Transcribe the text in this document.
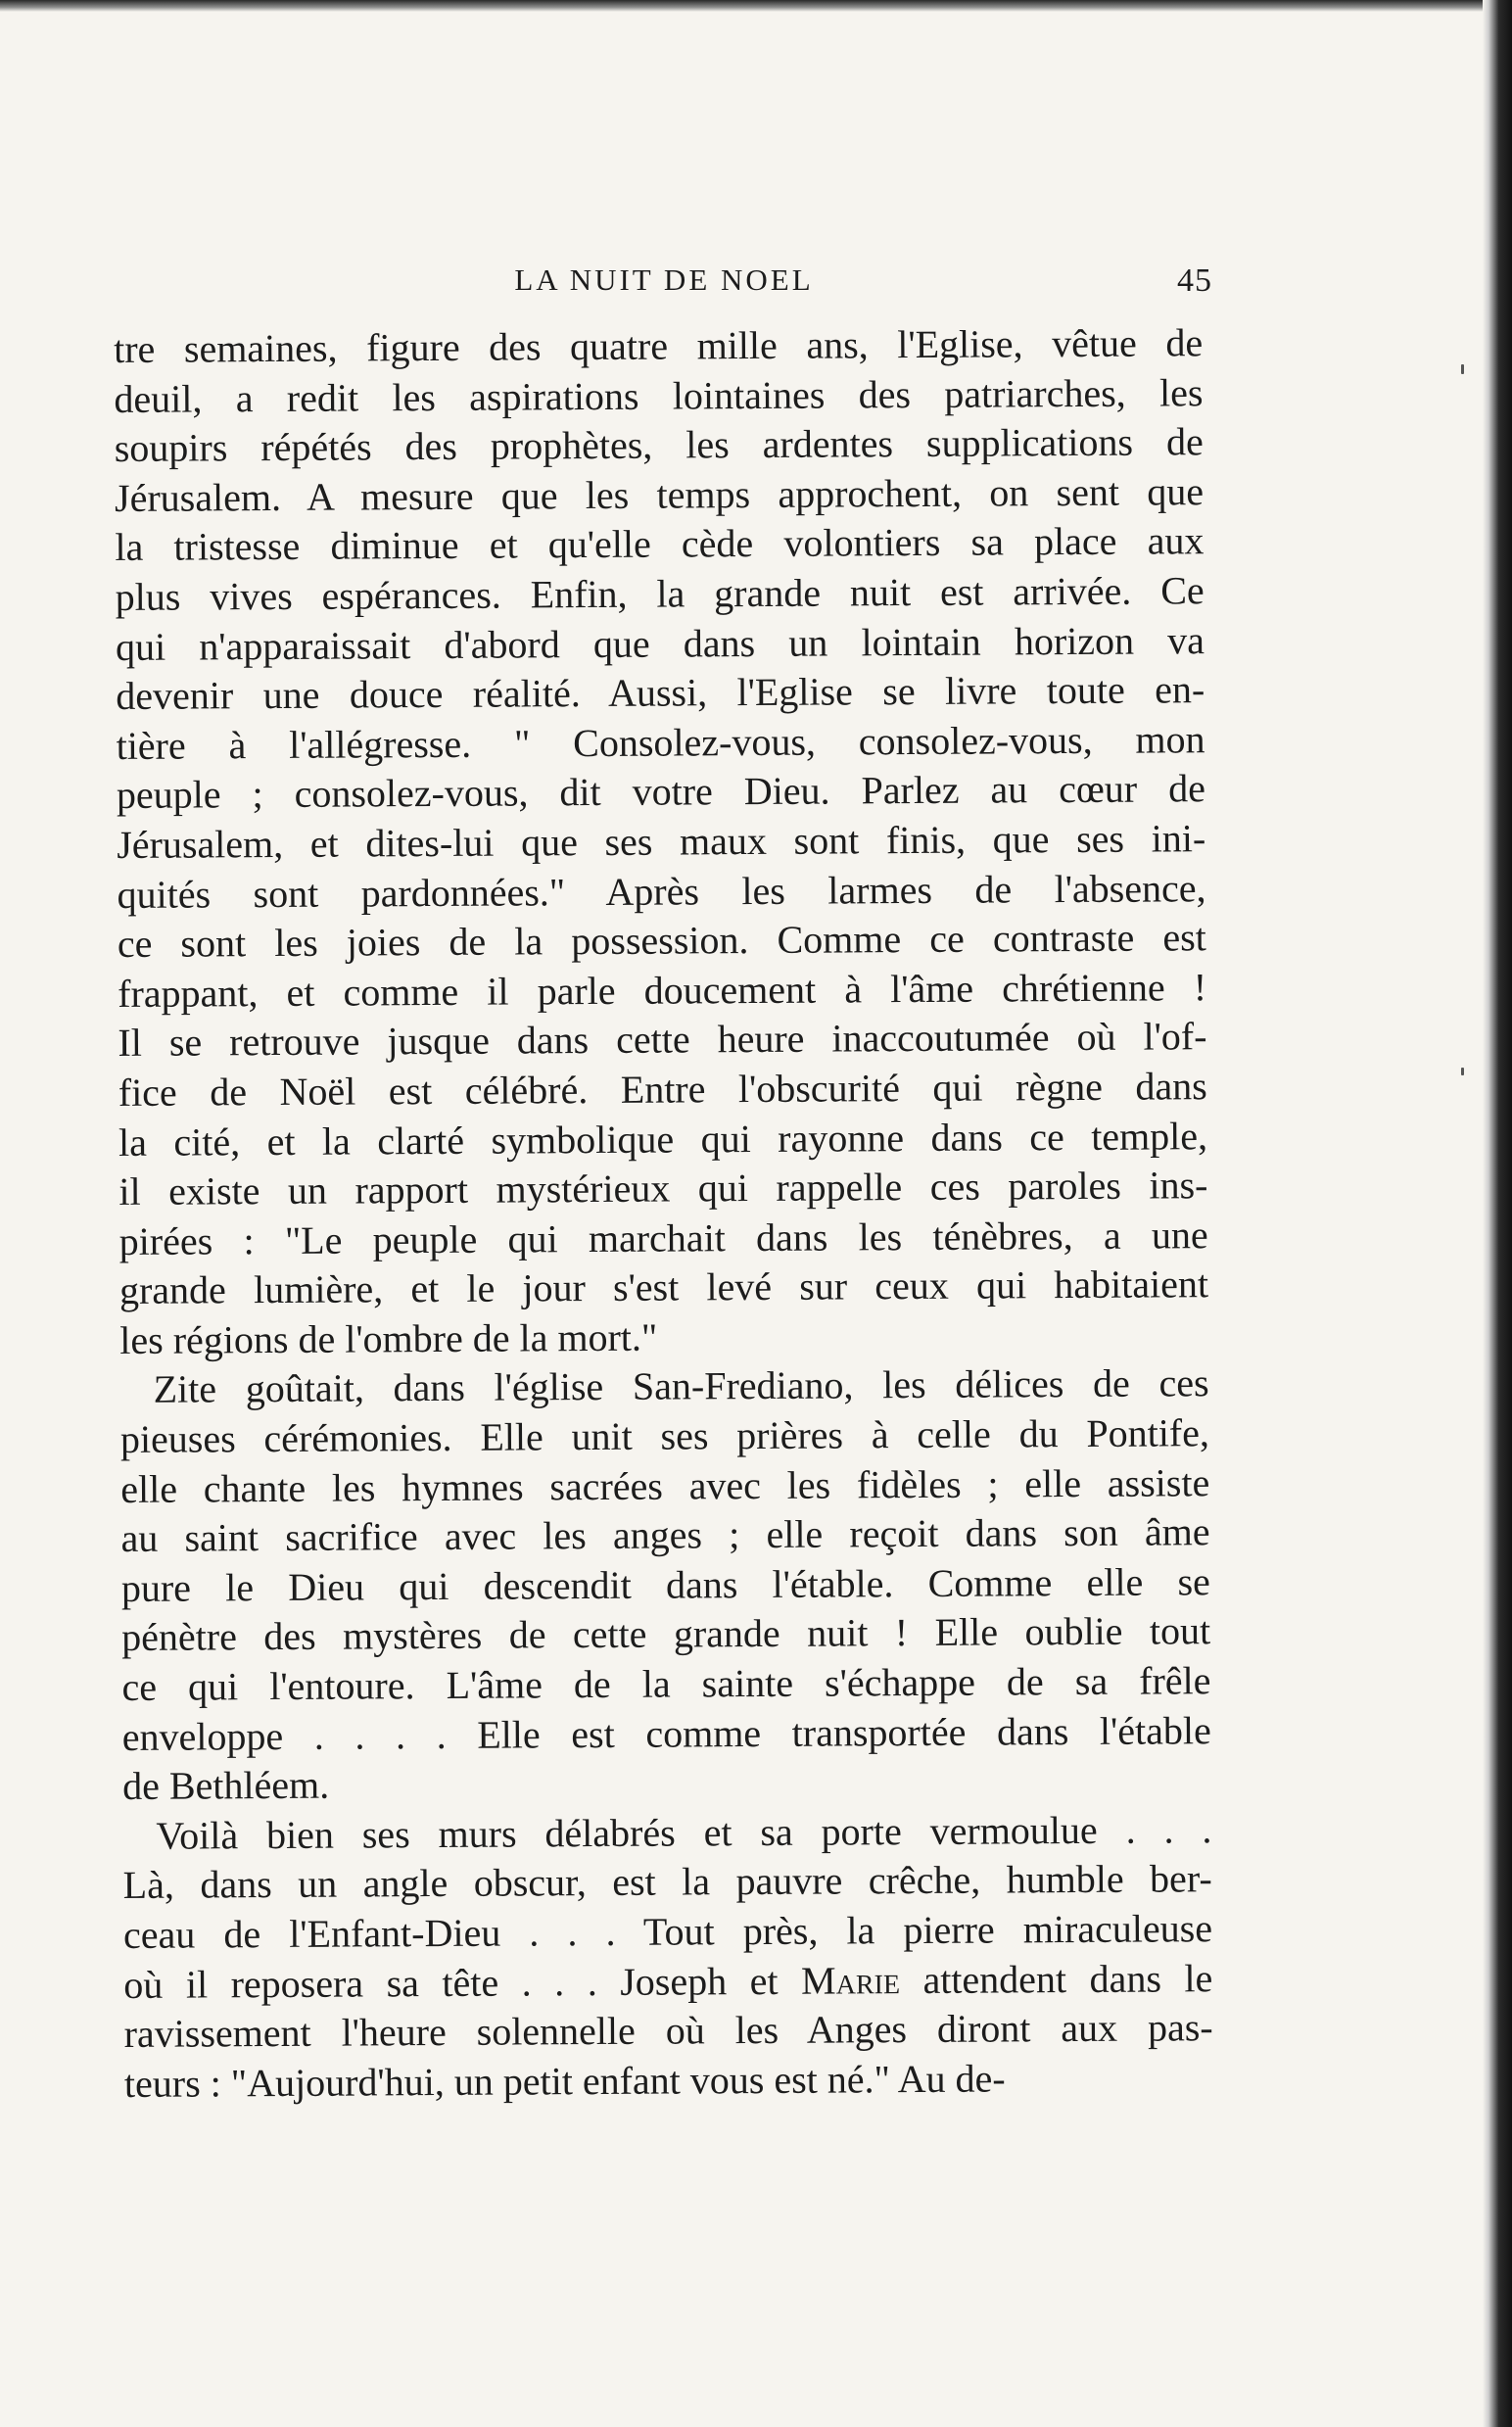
LA NUIT DE NOEL	45
tre semaines, figure des quatre mille ans, l'Eglise, vêtue de
deuil, a redit les aspirations lointaines des patriarches, les
soupirs répétés des prophètes, les ardentes supplications de
Jérusalem. A mesure que les temps approchent, on sent que
la tristesse diminue et qu'elle cède volontiers sa place aux
plus vives espérances. Enfin, la grande nuit est arrivée. Ce
qui n'apparaissait d'abord que dans un lointain horizon va
devenir une douce réalité. Aussi, l'Eglise se livre toute en-
tière à l'allégresse. " Consolez-vous, consolez-vous, mon
peuple ; consolez-vous, dit votre Dieu. Parlez au cœur de
Jérusalem, et dites-lui que ses maux sont finis, que ses ini-
quités sont pardonnées." Après les larmes de l'absence,
ce sont les joies de la possession. Comme ce contraste est
frappant, et comme il parle doucement à l'âme chrétienne !
Il se retrouve jusque dans cette heure inaccoutumée où l'of-
fice de Noël est célébré. Entre l'obscurité qui règne dans
la cité, et la clarté symbolique qui rayonne dans ce temple,
il existe un rapport mystérieux qui rappelle ces paroles ins-
pirées : "Le peuple qui marchait dans les ténèbres, a une
grande lumière, et le jour s'est levé sur ceux qui habitaient
les régions de l'ombre de la mort."
Zite goûtait, dans l'église San-Frediano, les délices de ces
pieuses cérémonies. Elle unit ses prières à celle du Pontife,
elle chante les hymnes sacrées avec les fidèles ; elle assiste
au saint sacrifice avec les anges ; elle reçoit dans son âme
pure le Dieu qui descendit dans l'étable. Comme elle se
pénètre des mystères de cette grande nuit ! Elle oublie tout
ce qui l'entoure. L'âme de la sainte s'échappe de sa frêle
enveloppe . . . . Elle est comme transportée dans l'étable
de Bethléem.
Voilà bien ses murs délabrés et sa porte vermoulue . . .
Là, dans un angle obscur, est la pauvre crêche, humble ber-
ceau de l'Enfant-Dieu . . . Tout près, la pierre miraculeuse
où il reposera sa tête . . . Joseph et Marie attendent dans le
ravissement l'heure solennelle où les Anges diront aux pas-
teurs : "Aujourd'hui, un petit enfant vous est né." Au de-
